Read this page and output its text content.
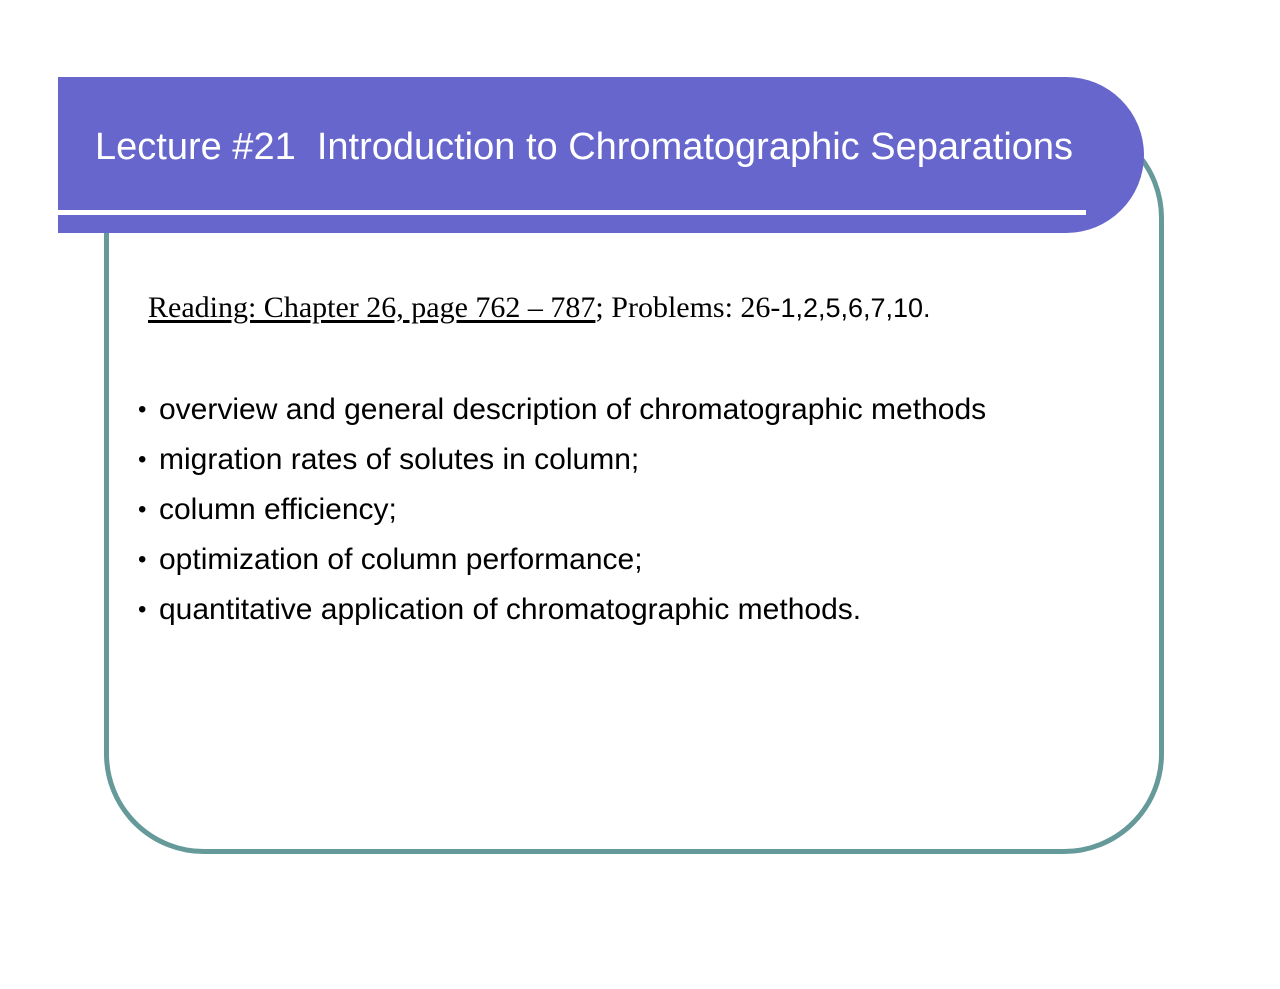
Lecture #21  Introduction to Chromatographic Separations
Reading: Chapter 26, page 762 – 787; Problems: 26-1,2,5,6,7,10.
• overview and general description of chromatographic methods
• migration rates of solutes in column;
• column efficiency;
• optimization of column performance;
• quantitative application of chromatographic methods.
